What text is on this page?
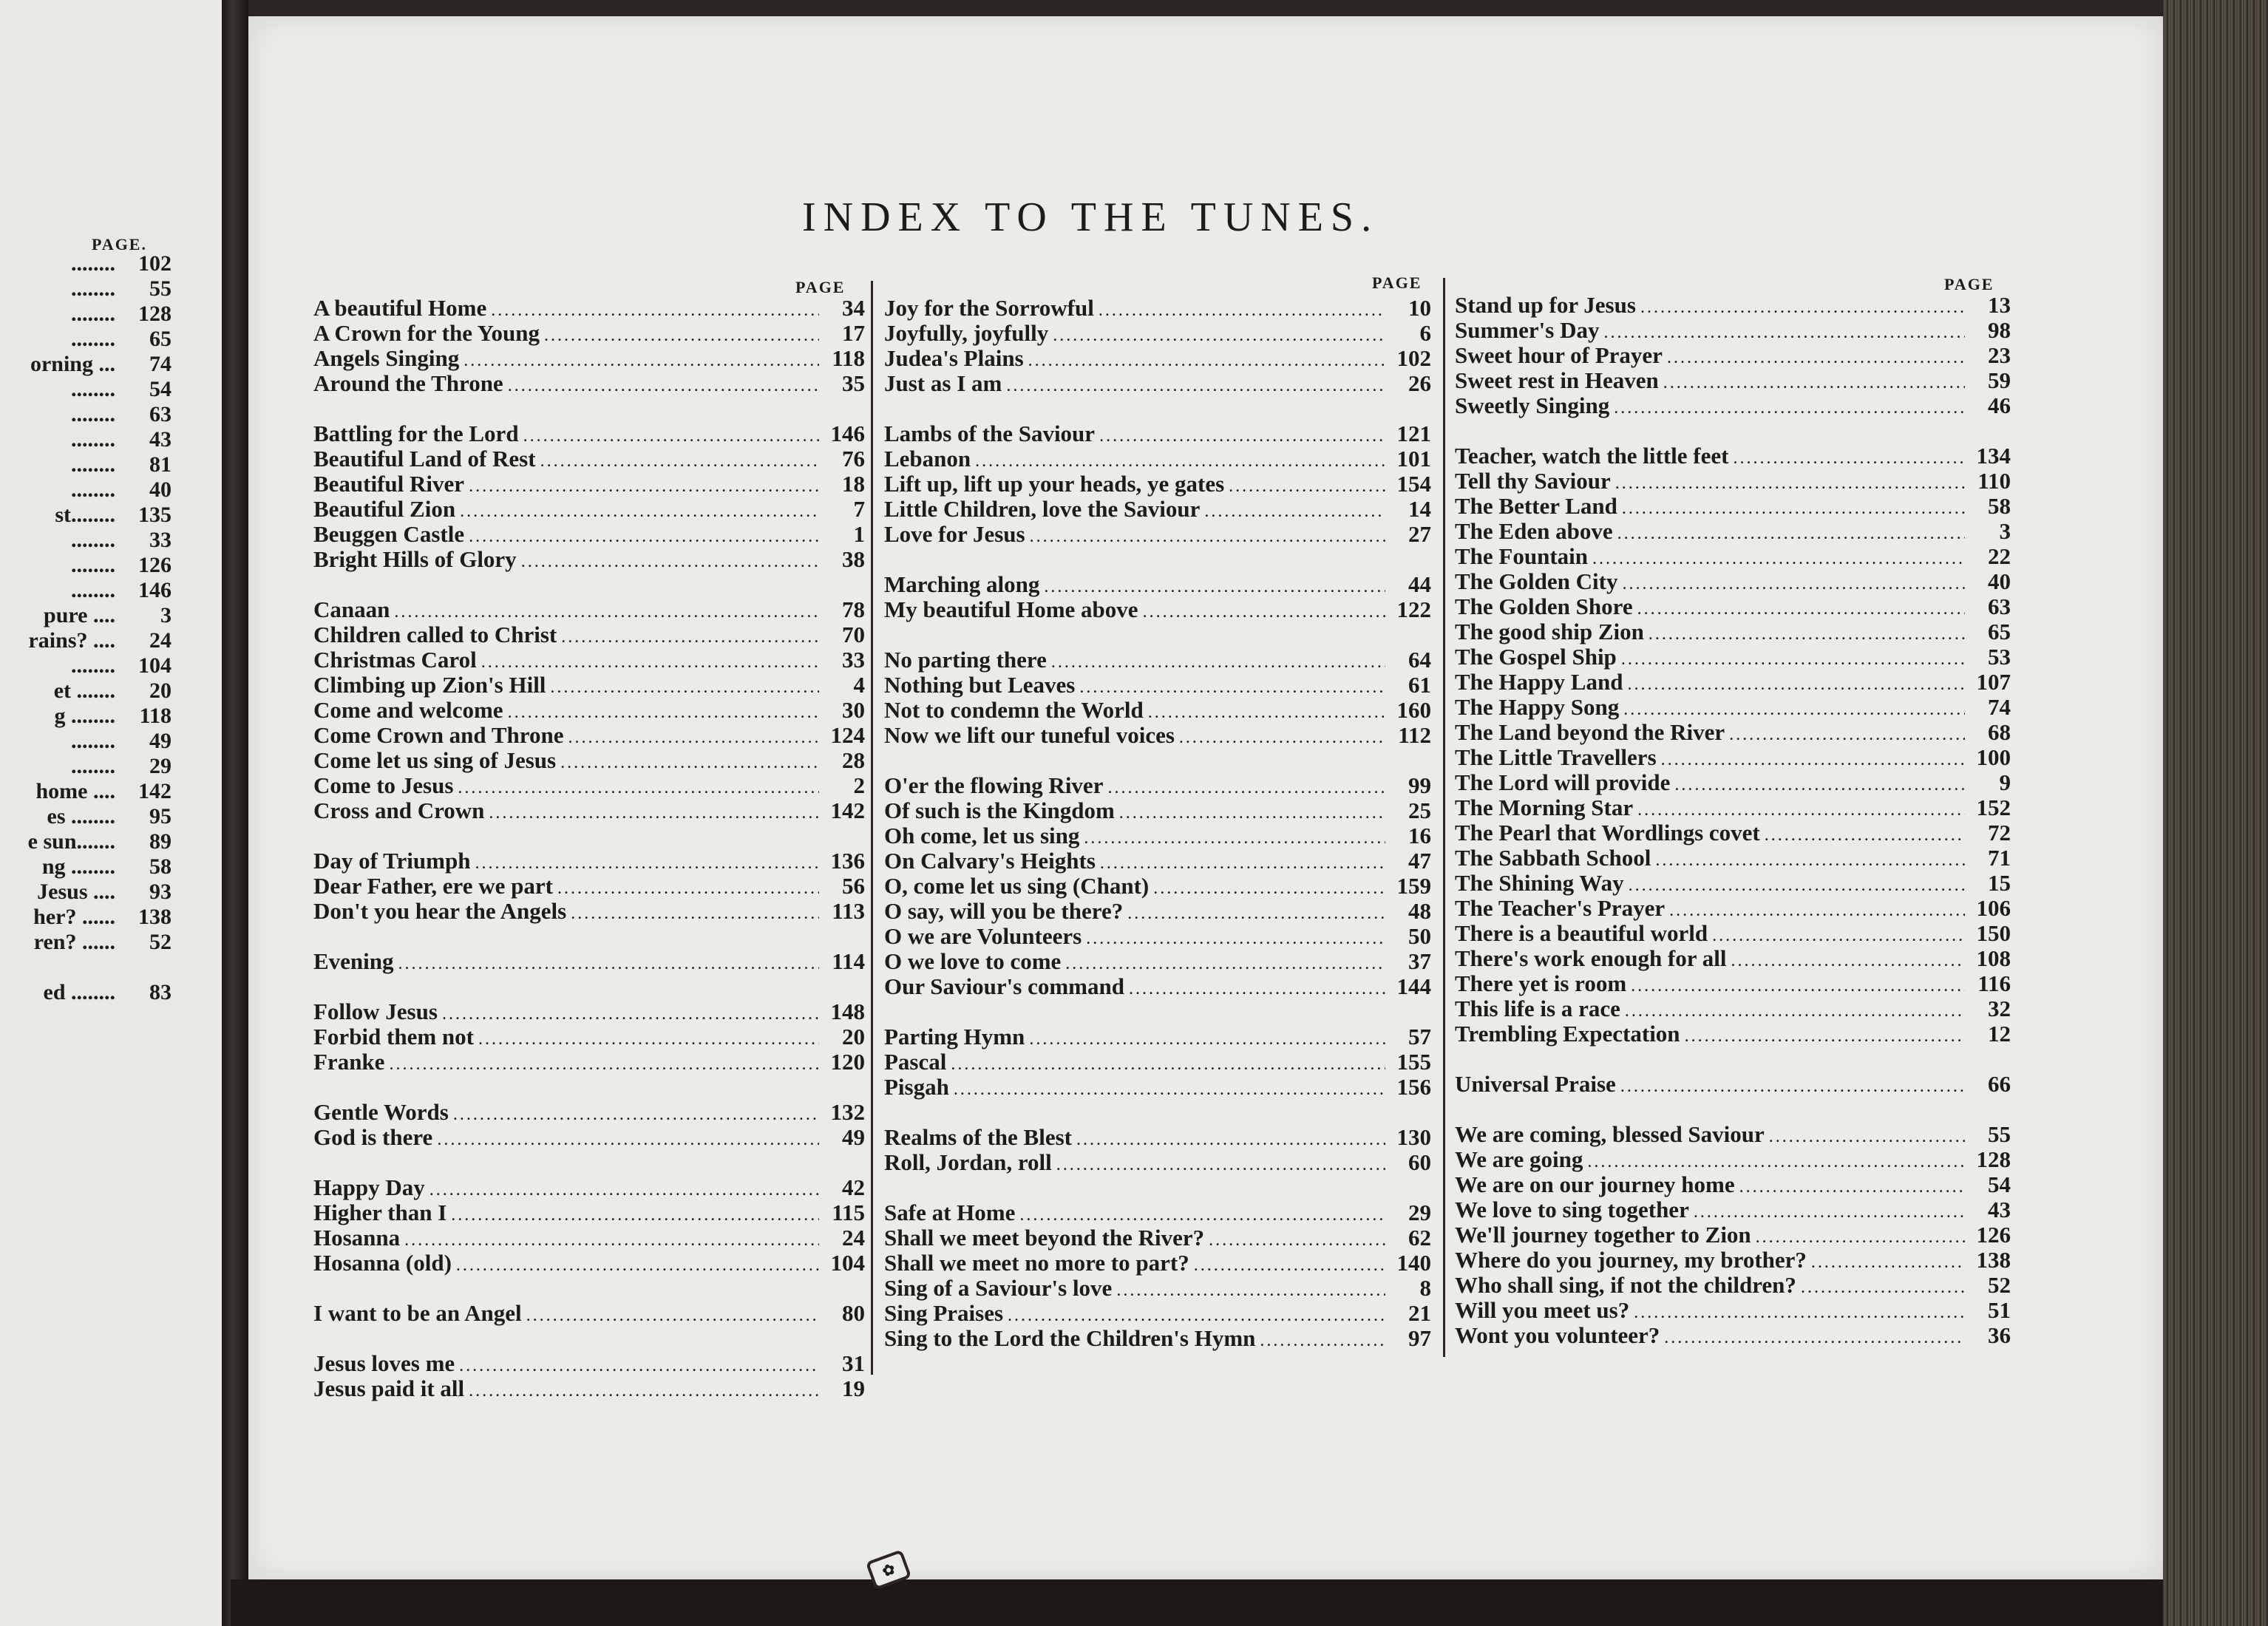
PAGE.
........	102
........	55
........	128
........	65
orning ...	74
........	54
........	63
........	43
........	81
........	40
st........	135
........	33
........	126
........	146
pure ....	3
rains? ....	24
........	104
et .......	20
g ........	118
........	49
........	29
home ....	142
es ........	95
e sun.......	89
ng ........	58
Jesus ....	93
her? ......	138
ren? ......	52
ed ........	83
INDEX TO THE TUNES.
PAGE	PAGE	PAGE
A beautiful Home .....	34
A Crown for the Young .....	17
Angels Singing .....	118
Around the Throne .....	35
Battling for the Lord .....	146
Beautiful Land of Rest .....	76
Beautiful River .....	18
Beautiful Zion .....	7
Beuggen Castle .....	1
Bright Hills of Glory .....	38
Canaan .....	78
Children called to Christ .....	70
Christmas Carol .....	33
Climbing up Zion's Hill .....	4
Come and welcome .....	30
Come Crown and Throne .....	124
Come let us sing of Jesus .....	28
Come to Jesus .....	2
Cross and Crown .....	142
Day of Triumph .....	136
Dear Father, ere we part .....	56
Don't you hear the Angels .....	113
Evening .....	114
Follow Jesus .....	148
Forbid them not .....	20
Franke .....	120
Gentle Words .....	132
God is there .....	49
Happy Day .....	42
Higher than I .....	115
Hosanna .....	24
Hosanna (old) .....	104
I want to be an Angel .....	80
Jesus loves me .....	31
Jesus paid it all .....	19
Joy for the Sorrowful .....	10
Joyfully, joyfully .....	6
Judea's Plains .....	102
Just as I am .....	26
Lambs of the Saviour .....	121
Lebanon .....	101
Lift up, lift up your heads, ye gates .....	154
Little Children, love the Saviour .....	14
Love for Jesus .....	27
Marching along .....	44
My beautiful Home above .....	122
No parting there .....	64
Nothing but Leaves .....	61
Not to condemn the World .....	160
Now we lift our tuneful voices .....	112
O'er the flowing River .....	99
Of such is the Kingdom .....	25
Oh come, let us sing .....	16
On Calvary's Heights .....	47
O, come let us sing (Chant) .....	159
O say, will you be there? .....	48
O we are Volunteers .....	50
O we love to come .....	37
Our Saviour's command .....	144
Parting Hymn .....	57
Pascal .....	155
Pisgah .....	156
Realms of the Blest .....	130
Roll, Jordan, roll .....	60
Safe at Home .....	29
Shall we meet beyond the River? .....	62
Shall we meet no more to part? .....	140
Sing of a Saviour's love .....	8
Sing Praises .....	21
Sing to the Lord the Children's Hymn .....	97
Stand up for Jesus .....	13
Summer's Day .....	98
Sweet hour of Prayer .....	23
Sweet rest in Heaven .....	59
Sweetly Singing .....	46
Teacher, watch the little feet .....	134
Tell thy Saviour .....	110
The Better Land .....	58
The Eden above .....	3
The Fountain .....	22
The Golden City .....	40
The Golden Shore .....	63
The good ship Zion .....	65
The Gospel Ship .....	53
The Happy Land .....	107
The Happy Song .....	74
The Land beyond the River .....	68
The Little Travellers .....	100
The Lord will provide .....	9
The Morning Star .....	152
The Pearl that Wordlings covet .....	72
The Sabbath School .....	71
The Shining Way .....	15
The Teacher's Prayer .....	106
There is a beautiful world .....	150
There's work enough for all .....	108
There yet is room .....	116
This life is a race .....	32
Trembling Expectation .....	12
Universal Praise .....	66
We are coming, blessed Saviour .....	55
We are going .....	128
We are on our journey home .....	54
We love to sing together .....	43
We'll journey together to Zion .....	126
Where do you journey, my brother? .....	138
Who shall sing, if not the children? .....	52
Will you meet us? .....	51
Wont you volunteer? .....	36
✿
